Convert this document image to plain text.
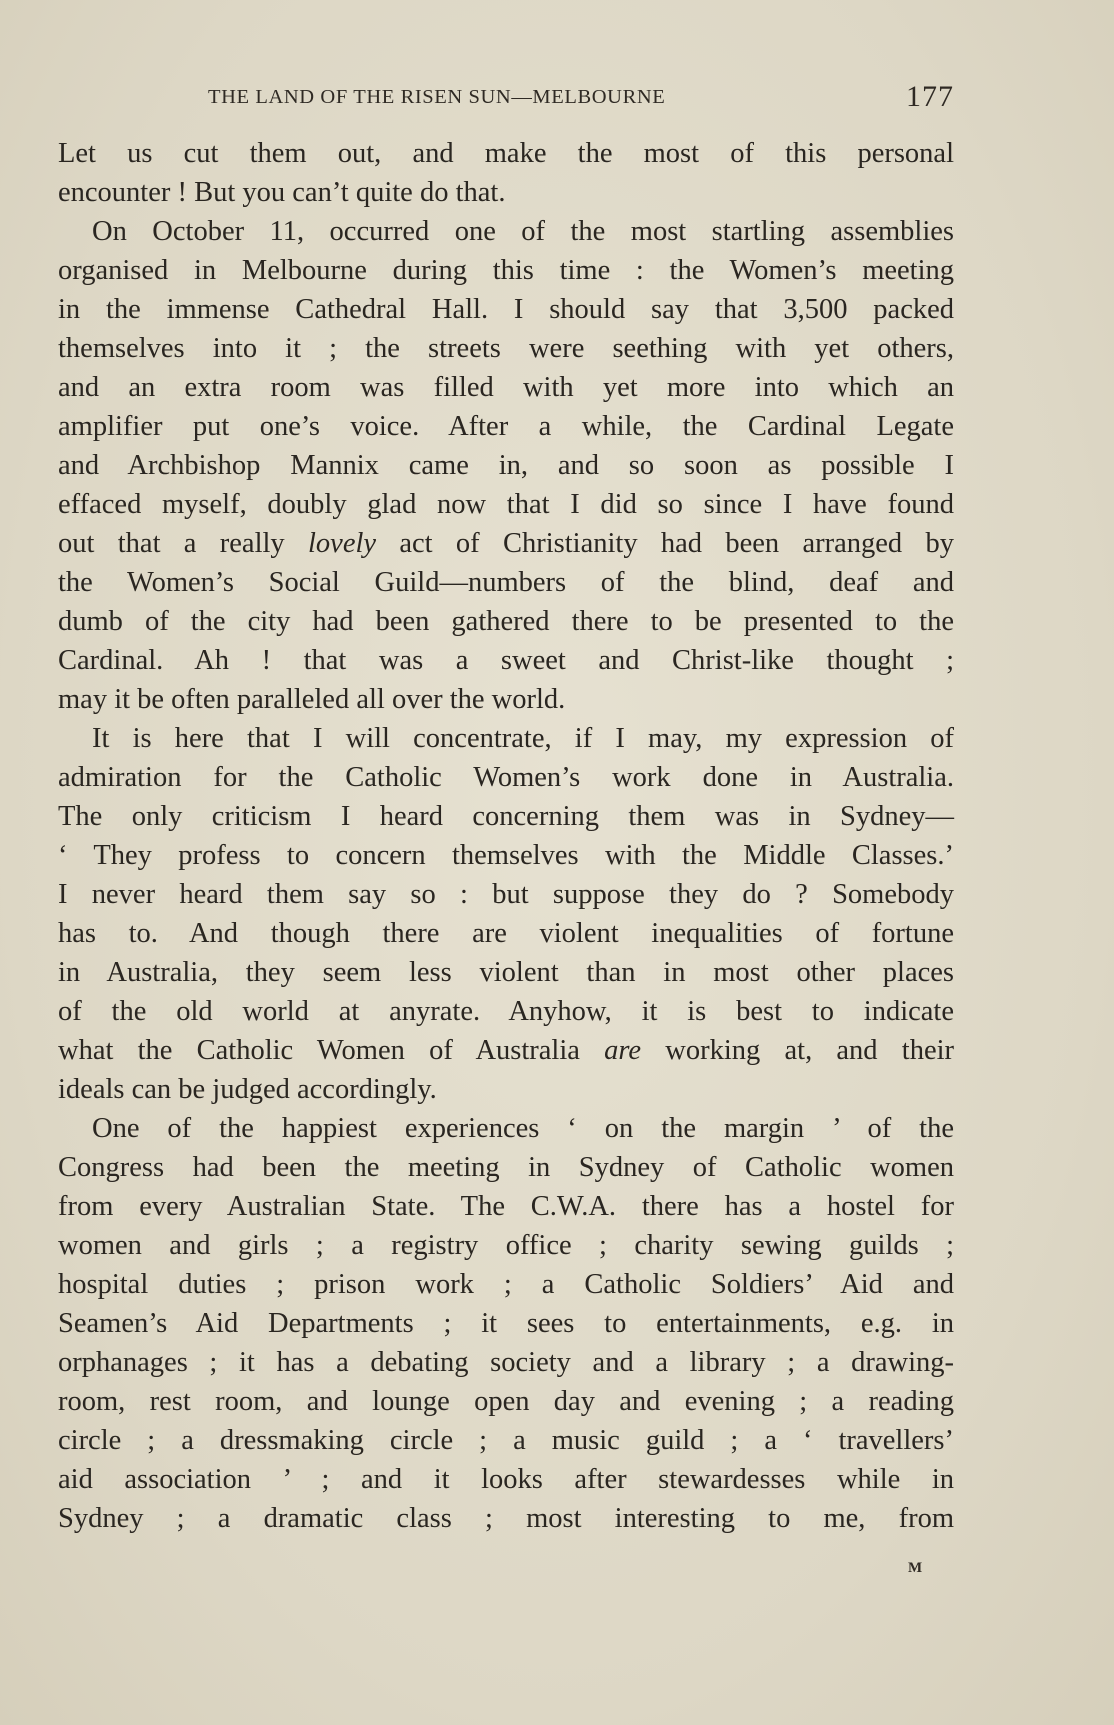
THE LAND OF THE RISEN SUN—MELBOURNE	177
Let us cut them out, and make the most of this personal
encounter ! But you can’t quite do that.
On October 11, occurred one of the most startling assemblies
organised in Melbourne during this time : the Women’s meeting
in the immense Cathedral Hall. I should say that 3,500 packed
themselves into it ; the streets were seething with yet others,
and an extra room was filled with yet more into which an
amplifier put one’s voice. After a while, the Cardinal Legate
and Archbishop Mannix came in, and so soon as possible I
effaced myself, doubly glad now that I did so since I have found
out that a really lovely act of Christianity had been arranged by
the Women’s Social Guild—numbers of the blind, deaf and
dumb of the city had been gathered there to be presented to the
Cardinal. Ah ! that was a sweet and Christ-like thought ;
may it be often paralleled all over the world.
It is here that I will concentrate, if I may, my expression of
admiration for the Catholic Women’s work done in Australia.
The only criticism I heard concerning them was in Sydney—
‘ They profess to concern themselves with the Middle Classes.’
I never heard them say so : but suppose they do ? Somebody
has to. And though there are violent inequalities of fortune
in Australia, they seem less violent than in most other places
of the old world at anyrate. Anyhow, it is best to indicate
what the Catholic Women of Australia are working at, and their
ideals can be judged accordingly.
One of the happiest experiences ‘ on the margin ’ of the
Congress had been the meeting in Sydney of Catholic women
from every Australian State. The C.W.A. there has a hostel for
women and girls ; a registry office ; charity sewing guilds ;
hospital duties ; prison work ; a Catholic Soldiers’ Aid and
Seamen’s Aid Departments ; it sees to entertainments, e.g. in
orphanages ; it has a debating society and a library ; a drawing-
room, rest room, and lounge open day and evening ; a reading
circle ; a dressmaking circle ; a music guild ; a ‘ travellers’
aid association ’ ; and it looks after stewardesses while in
Sydney ; a dramatic class ; most interesting to me, from
M
